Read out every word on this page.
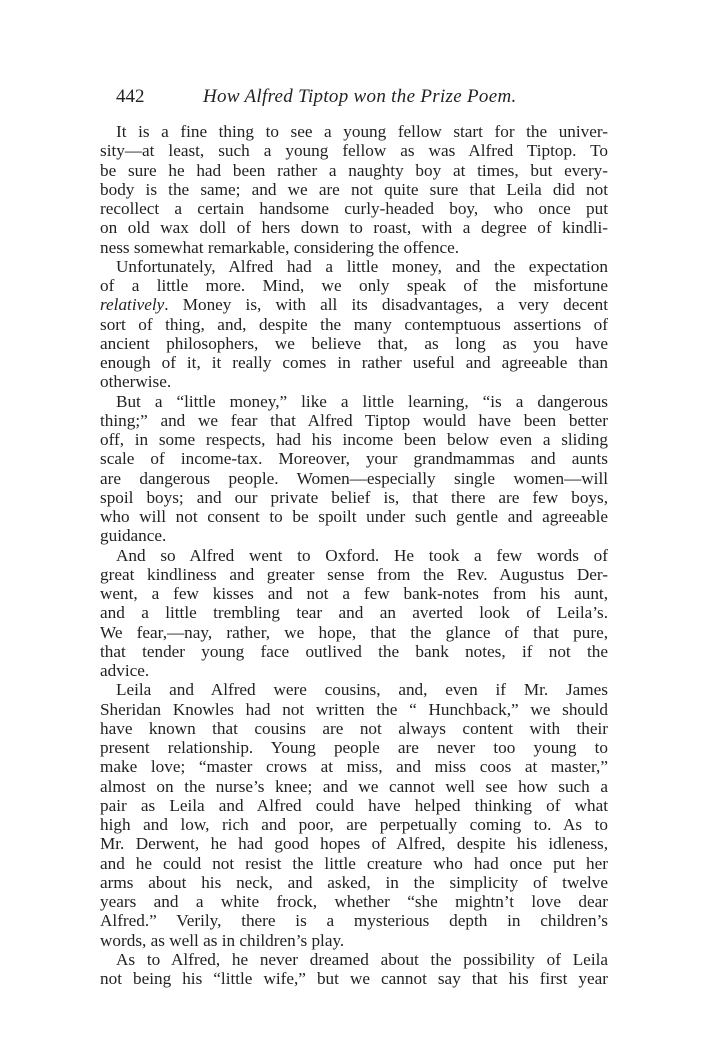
442	How Alfred Tiptop won the Prize Poem.
It is a fine thing to see a young fellow start for the univer-
sity—at least, such a young fellow as was Alfred Tiptop. To
be sure he had been rather a naughty boy at times, but every-
body is the same; and we are not quite sure that Leila did not
recollect a certain handsome curly-headed boy, who once put
on old wax doll of hers down to roast, with a degree of kindli-
ness somewhat remarkable, considering the offence.
Unfortunately, Alfred had a little money, and the expectation
of a little more. Mind, we only speak of the misfortune
relatively. Money is, with all its disadvantages, a very decent
sort of thing, and, despite the many contemptuous assertions of
ancient philosophers, we believe that, as long as you have
enough of it, it really comes in rather useful and agreeable than
otherwise.
But a “little money,” like a little learning, “is a dangerous
thing;” and we fear that Alfred Tiptop would have been better
off, in some respects, had his income been below even a sliding
scale of income-tax. Moreover, your grandmammas and aunts
are dangerous people. Women—especially single women—will
spoil boys; and our private belief is, that there are few boys,
who will not consent to be spoilt under such gentle and agreeable
guidance.
And so Alfred went to Oxford. He took a few words of
great kindliness and greater sense from the Rev. Augustus Der-
went, a few kisses and not a few bank-notes from his aunt,
and a little trembling tear and an averted look of Leila’s.
We fear,—nay, rather, we hope, that the glance of that pure,
that tender young face outlived the bank notes, if not the
advice.
Leila and Alfred were cousins, and, even if Mr. James
Sheridan Knowles had not written the “ Hunchback,” we should
have known that cousins are not always content with their
present relationship. Young people are never too young to
make love; “master crows at miss, and miss coos at master,”
almost on the nurse’s knee; and we cannot well see how such a
pair as Leila and Alfred could have helped thinking of what
high and low, rich and poor, are perpetually coming to. As to
Mr. Derwent, he had good hopes of Alfred, despite his idleness,
and he could not resist the little creature who had once put her
arms about his neck, and asked, in the simplicity of twelve
years and a white frock, whether “she mightn’t love dear
Alfred.” Verily, there is a mysterious depth in children’s
words, as well as in children’s play.
As to Alfred, he never dreamed about the possibility of Leila
not being his “little wife,” but we cannot say that his first year
